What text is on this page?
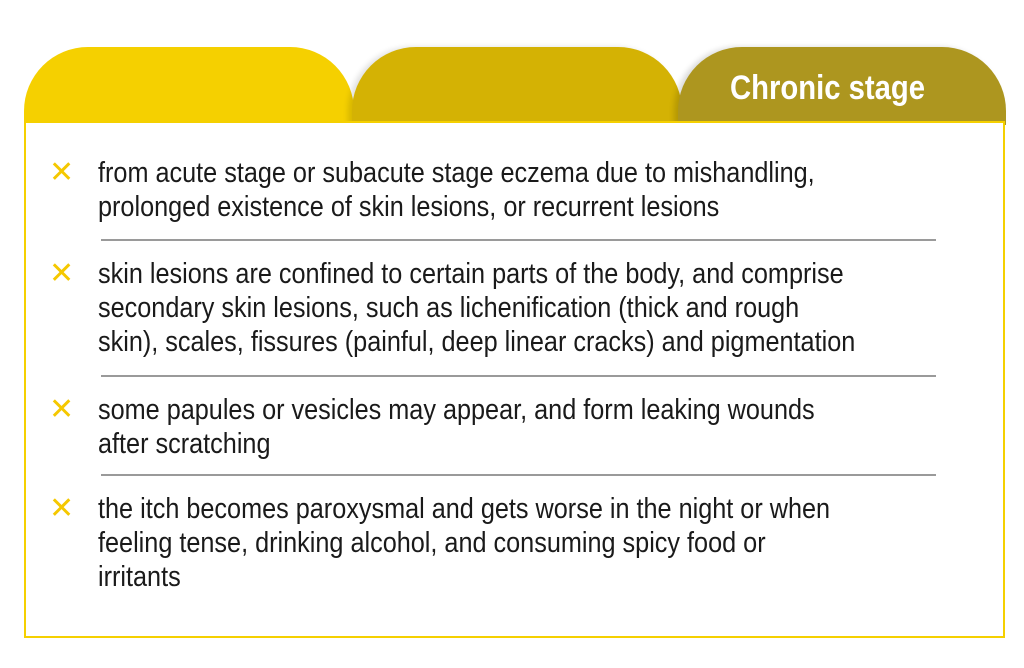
Chronic stage
✕ from acute stage or subacute stage eczema due to mishandling,
prolonged existence of skin lesions, or recurrent lesions
✕ skin lesions are confined to certain parts of the body, and comprise
secondary skin lesions, such as lichenification (thick and rough
skin), scales, fissures (painful, deep linear cracks) and pigmentation
✕ some papules or vesicles may appear, and form leaking wounds
after scratching
✕ the itch becomes paroxysmal and gets worse in the night or when
feeling tense, drinking alcohol, and consuming spicy food or
irritants
